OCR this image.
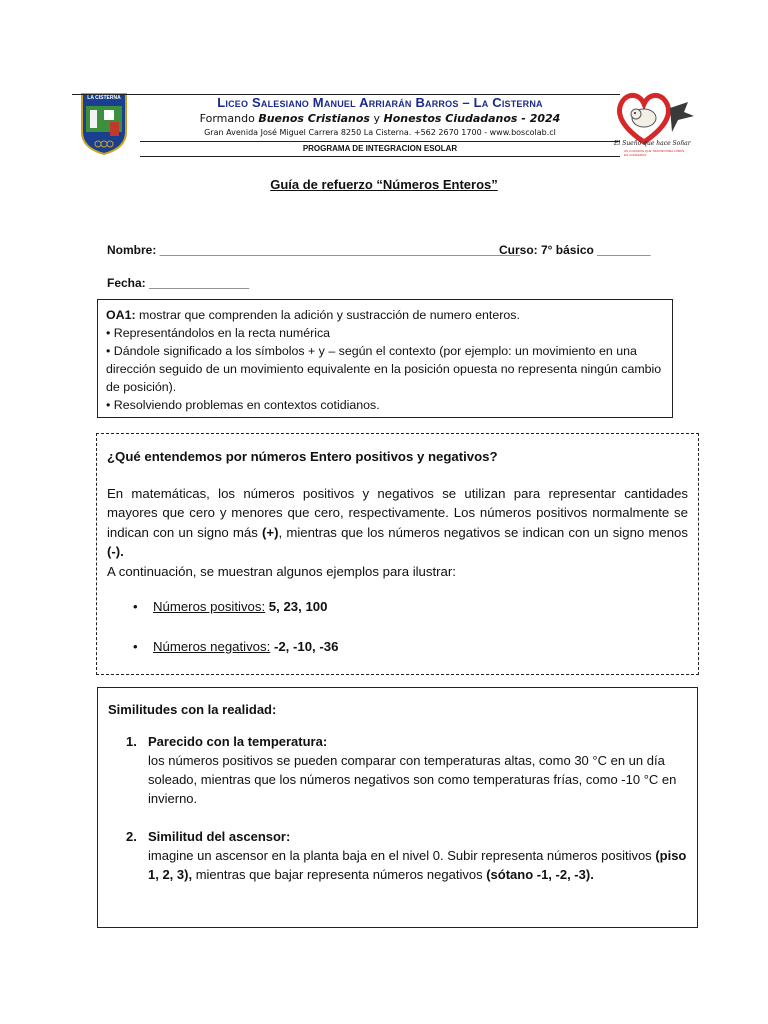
LA CISTERNA	Liceo Salesiano Manuel Arriarán Barros – La Cisterna
Formando Buenos Cristianos y Honestos Ciudadanos - 2024
Gran Avenida José Miguel Carrera 8250 La Cisterna. +562 2670 1700 - www.boscolab.cl
PROGRAMA DE INTEGRACION ESOLAR
El Sueño que hace Soñar
UN CORAZÓN QUE TRANSFORMA LOBOS EN CORDEROS
Guía de refuerzo “Números Enteros”
Nombre: ______________________________________________________
Curso: 7° básico ________
Fecha: _______________
OA1: mostrar que comprenden la adición y sustracción de numero enteros.
• Representándolos en la recta numérica
• Dándole significado a los símbolos + y – según el contexto (por ejemplo: un movimiento en una dirección seguido de un movimiento equivalente en la posición opuesta no representa ningún cambio de posición).
• Resolviendo problemas en contextos cotidianos.
¿Qué entendemos por números Entero positivos y negativos?
En matemáticas, los números positivos y negativos se utilizan para representar cantidades mayores que cero y menores que cero, respectivamente. Los números positivos normalmente se indican con un signo más (+), mientras que los números negativos se indican con un signo menos (-).
A continuación, se muestran algunos ejemplos para ilustrar:
• Números positivos: 5, 23, 100
• Números negativos: -2, -10, -36
Similitudes con la realidad:
1. Parecido con la temperatura:
los números positivos se pueden comparar con temperaturas altas, como 30 °C en un día soleado, mientras que los números negativos son como temperaturas frías, como -10 °C en invierno.
2. Similitud del ascensor:
imagine un ascensor en la planta baja en el nivel 0. Subir representa números positivos (piso 1, 2, 3), mientras que bajar representa números negativos (sótano -1, -2, -3).
